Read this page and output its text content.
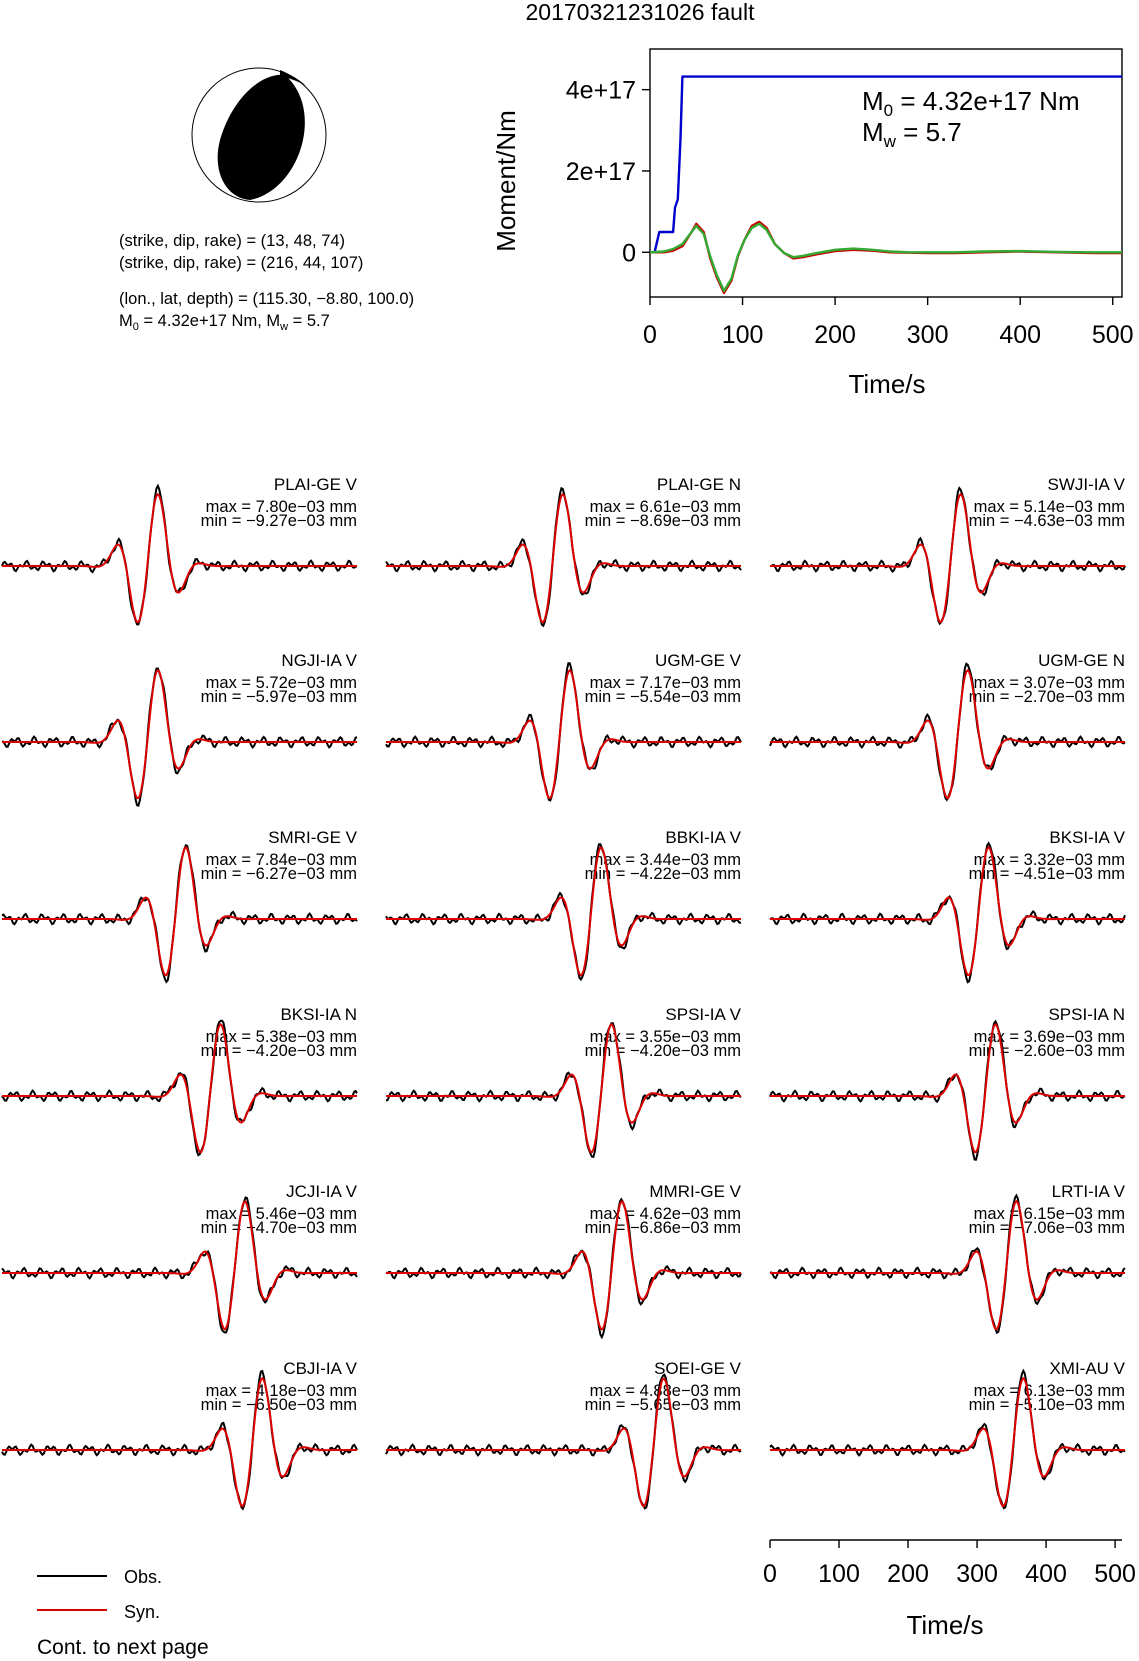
20170321231026 fault
(strike, dip, rake) = (13, 48, 74)
(strike, dip, rake) = (216, 44, 107)
(lon., lat, depth) = (115.30, −8.80, 100.0)
$M_0 = 4.32e+17$ Nm, $M_w = 5.7$
Moment/Nm
Time/s
$M_0 = 4.32e+17$ Nm
$M_w = 5.7$
0	100 200 300 400 500
0
2e+17
4e+17
PLAI-GE V
max = 7.80e−03 mm
min = −9.27e−03 mm
PLAI-GE N
max = 6.61e−03 mm
min = −8.69e−03 mm
SWJI-IA V
max = 5.14e−03 mm
min = −4.63e−03 mm
NGJI-IA V
max = 5.72e−03 mm
min = −5.97e−03 mm
UGM-GE V
max = 7.17e−03 mm
min = −5.54e−03 mm
UGM-GE N
max = 3.07e−03 mm
min = −2.70e−03 mm
SMRI-GE V
max = 7.84e−03 mm
min = −6.27e−03 mm
BBKI-IA V
max = 3.44e−03 mm
min = −4.22e−03 mm
BKSI-IA V
max = 3.32e−03 mm
min = −4.51e−03 mm
BKSI-IA N
max = 5.38e−03 mm
min = −4.20e−03 mm
SPSI-IA V
max = 3.55e−03 mm
min = −4.20e−03 mm
SPSI-IA N
max = 3.69e−03 mm
min = −2.60e−03 mm
JCJI-IA V
max = 5.46e−03 mm
min = −4.70e−03 mm
MMRI-GE V
max = 4.62e−03 mm
min = −6.86e−03 mm
LRTI-IA V
max = 6.15e−03 mm
min = −7.06e−03 mm
CBJI-IA V
max = 4.18e−03 mm
min = −6.50e−03 mm
SOEI-GE V
max = 4.88e−03 mm
min = −5.65e−03 mm
XMI-AU V
max = 6.13e−03 mm
min = −5.10e−03 mm
Time/s
0 100 200 300 400 500
Obs.
Syn.
Cont. to next page
